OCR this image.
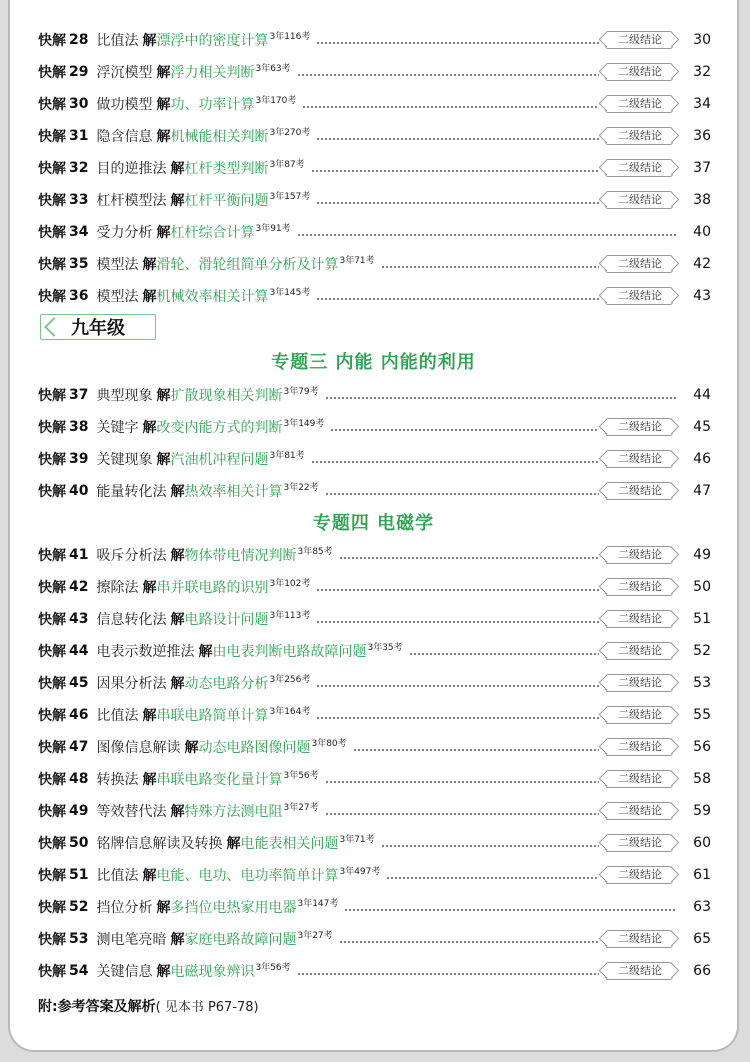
快解 28 比值法 解 漂浮中的密度计算 3年116考	二级结论	30
快解 29 浮沉模型 解 浮力相关判断 3年63考	二级结论	32
快解 30 做功模型 解 功、功率计算 3年170考	二级结论	34
快解 31 隐含信息 解 机械能相关判断 3年270考	二级结论	36
快解 32 目的逆推法 解 杠杆类型判断 3年87考	二级结论	37
快解 33 杠杆模型法 解 杠杆平衡问题 3年157考	二级结论	38
快解 34 受力分析 解 杠杆综合计算 3年91考	40
快解 35 模型法 解 滑轮、滑轮组简单分析及计算 3年71考	二级结论	42
快解 36 模型法 解 机械效率相关计算 3年145考	二级结论	43
快解 37 典型现象 解 扩散现象相关判断 3年79考	44
快解 38 关键字 解 改变内能方式的判断 3年149考	二级结论	45
快解 39 关键现象 解 汽油机冲程问题 3年81考	二级结论	46
快解 40 能量转化法 解 热效率相关计算 3年22考	二级结论	47
快解 41 吸斥分析法 解 物体带电情况判断 3年85考	二级结论	49
快解 42 擦除法 解 串并联电路的识别 3年102考	二级结论	50
快解 43 信息转化法 解 电路设计问题 3年113考	二级结论	51
快解 44 电表示数逆推法 解 由电表判断电路故障问题 3年35考	二级结论	52
快解 45 因果分析法 解 动态电路分析 3年256考	二级结论	53
快解 46 比值法 解 串联电路简单计算 3年164考	二级结论	55
快解 47 图像信息解读 解 动态电路图像问题 3年80考	二级结论	56
快解 48 转换法 解 串联电路变化量计算 3年56考	二级结论	58
快解 49 等效替代法 解 特殊方法测电阻 3年27考	二级结论	59
快解 50 铭牌信息解读及转换 解 电能表相关问题 3年71考	二级结论	60
快解 51 比值法 解 电能、电功、电功率简单计算 3年497考	二级结论	61
快解 52 挡位分析 解 多挡位电热家用电器 3年147考	63
快解 53 测电笔亮暗 解 家庭电路故障问题 3年27考	二级结论	65
快解 54 关键信息 解 电磁现象辨识 3年56考	二级结论	66
九年级
专题三 内能 内能的利用
专题四 电磁学
附:参考答案及解析( 见本书 P67-78)
